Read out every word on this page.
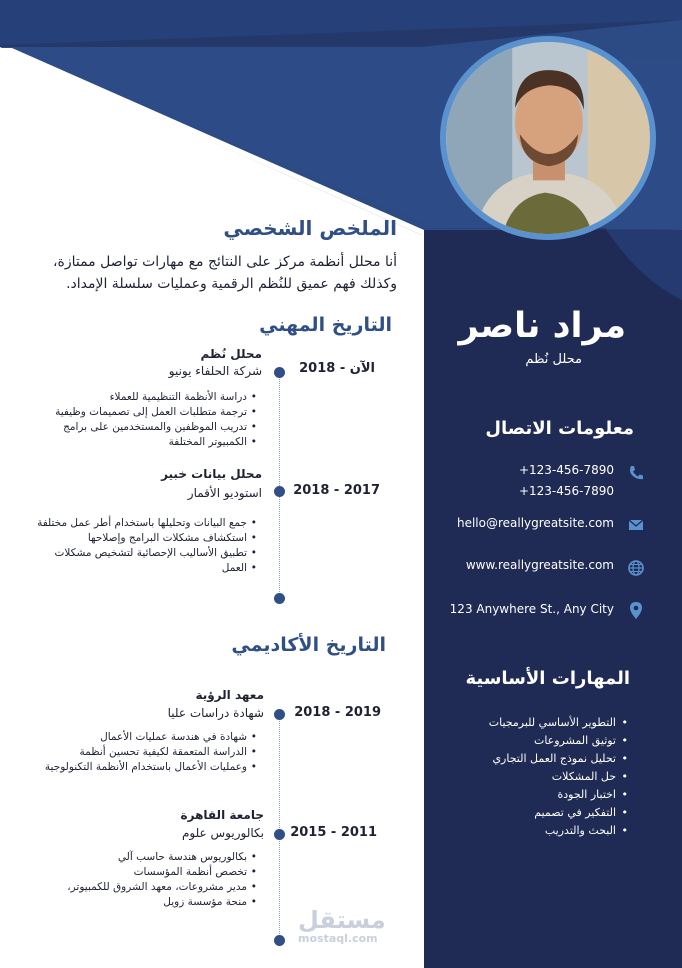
الملخص الشخصي
أنا محلل أنظمة مركز على النتائج مع مهارات تواصل ممتازة،
وكذلك فهم عميق للنُظم الرقمية وعمليات سلسلة الإمداد.
مراد ناصر
محلل نُظم
معلومات الاتصال
+123-456-7890
+123-456-7890
hello@reallygreatsite.com
www.reallygreatsite.com
123 Anywhere St., Any City
المهارات الأساسية
• التطوير الأساسي للبرمجيات
• توثيق المشروعات
• تحليل نموذج العمل التجاري
• حل المشكلات
• اختبار الجودة
• التفكير في تصميم
• البحث والتدريب
التاريخ المهني
الآن - 2018
محلل نُظم
شركة الحلفاء يونيو
• دراسة الأنظمة التنظيمية للعملاء
• ترجمة متطلبات العمل إلى تصميمات وظيفية
• تدريب الموظفين والمستخدمين على برامج
• الكمبيوتر المختلفة
2018 - 2017
محلل بيانات خبير
استوديو الأقمار
• جمع البيانات وتحليلها باستخدام أطر عمل مختلفة
• استكشاف مشكلات البرامج وإصلاحها
• تطبيق الأساليب الإحصائية لتشخيص مشكلات
• العمل
التاريخ الأكاديمي
2018 - 2019
معهد الرؤية
شهادة دراسات عليا
• شهادة في هندسة عمليات الأعمال
• الدراسة المتعمقة لكيفية تحسين أنظمة
• وعمليات الأعمال باستخدام الأنظمة التكنولوجية
2015 - 2011
جامعة القاهرة
بكالوريوس علوم
• بكالوريوس هندسة حاسب آلي
• تخصص أنظمة المؤسسات
• مدير مشروعات، معهد الشروق للكمبيوتر،
• منحة مؤسسة زويل
مستقل
mostaql.com
